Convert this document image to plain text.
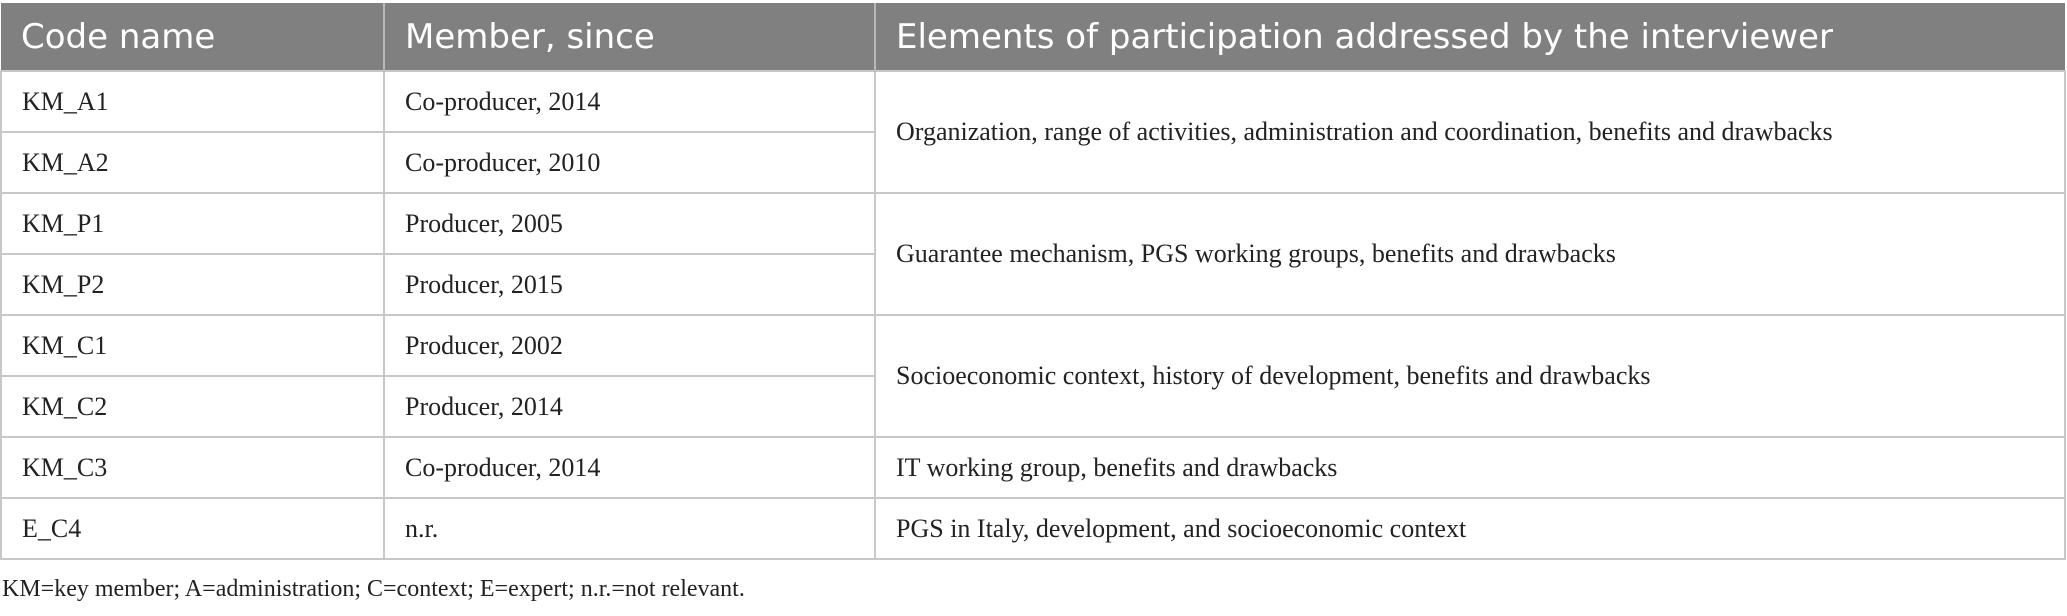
Code name	Member, since	Elements of participation addressed by the interviewer
KM_A1	Co-producer, 2014	Organization, range of activities, administration and coordination, benefits and drawbacks
KM_A2	Co-producer, 2010	
KM_P1	Producer, 2005	Guarantee mechanism, PGS working groups, benefits and drawbacks
KM_P2	Producer, 2015	
KM_C1	Producer, 2002	Socioeconomic context, history of development, benefits and drawbacks
KM_C2	Producer, 2014	
KM_C3	Co-producer, 2014	IT working group, benefits and drawbacks
E_C4	n.r.	PGS in Italy, development, and socioeconomic context
KM=key member; A=administration; C=context; E=expert; n.r.=not relevant.
